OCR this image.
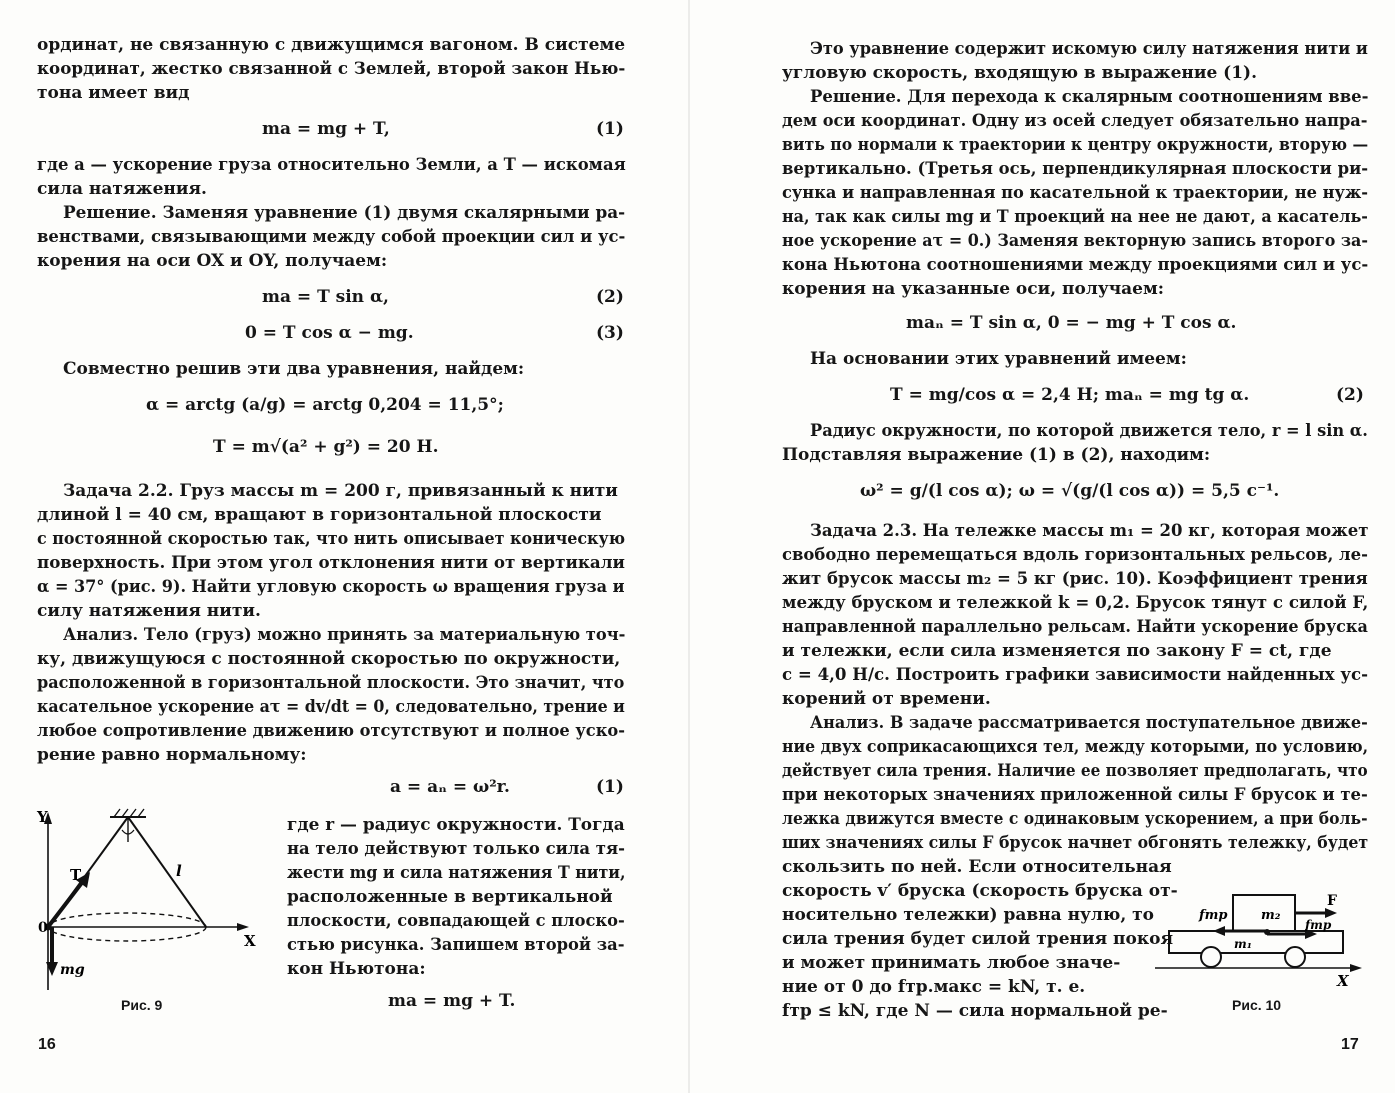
ординат, не связанную с движущимся вагоном. В системе
координат, жестко связанной с Землей, второй закон Нью-
тона имеет вид
ma = mg + T,	(1)
где a — ускорение груза относительно Земли, а T — искомая
сила натяжения.
Решение. Заменяя уравнение (1) двумя скалярными ра-
венствами, связывающими между собой проекции сил и ус-
корения на оси OX и OY, получаем:
ma = T sin α,	(2)
0 = T cos α − mg.	(3)
Совместно решив эти два уравнения, найдем:
α = arctg (a/g) = arctg 0,204 = 11,5°;
T = m√(a² + g²) = 20 Н.
Задача 2.2. Груз массы m = 200 г, привязанный к нити
длиной l = 40 см, вращают в горизонтальной плоскости
с постоянной скоростью так, что нить описывает коническую
поверхность. При этом угол отклонения нити от вертикали
α = 37° (рис. 9). Найти угловую скорость ω вращения груза и
силу натяжения нити.
Анализ. Тело (груз) можно принять за материальную точ-
ку, движущуюся с постоянной скоростью по окружности,
расположенной в горизонтальной плоскости. Это значит, что
касательное ускорение aτ = dv/dt = 0, следовательно, трение и
любое сопротивление движению отсутствуют и полное уско-
рение равно нормальному:
a = aₙ = ω²r.	(1)
где r — радиус окружности. Тогда
на тело действуют только сила тя-
жести mg и сила натяжения T нити,
расположенные в вертикальной
плоскости, совпадающей с плоско-
стью рисунка. Запишем второй за-
кон Ньютона:
ma = mg + T.
Y
X
0
T	l
mg
Рис. 9
16
Это уравнение содержит искомую силу натяжения нити и
угловую скорость, входящую в выражение (1).
Решение. Для перехода к скалярным соотношениям вве-
дем оси координат. Одну из осей следует обязательно напра-
вить по нормали к траектории к центру окружности, вторую —
вертикально. (Третья ось, перпендикулярная плоскости ри-
сунка и направленная по касательной к траектории, не нуж-
на, так как силы mg и T проекций на нее не дают, а касатель-
ное ускорение aτ = 0.) Заменяя векторную запись второго за-
кона Ньютона соотношениями между проекциями сил и ус-
корения на указанные оси, получаем:
maₙ = T sin α, 0 = − mg + T cos α.
На основании этих уравнений имеем:
T = mg/cos α = 2,4 Н; maₙ = mg tg α.	(2)
Радиус окружности, по которой движется тело, r = l sin α.
Подставляя выражение (1) в (2), находим:
ω² = g/(l cos α); ω = √(g/(l cos α)) = 5,5 с⁻¹.
Задача 2.3. На тележке массы m₁ = 20 кг, которая может
свободно перемещаться вдоль горизонтальных рельсов, ле-
жит брусок массы m₂ = 5 кг (рис. 10). Коэффициент трения
между бруском и тележкой k = 0,2. Брусок тянут с силой F,
направленной параллельно рельсам. Найти ускорение бруска
и тележки, если сила изменяется по закону F = ct, где
c = 4,0 Н/с. Построить графики зависимости найденных ус-
корений от времени.
Анализ. В задаче рассматривается поступательное движе-
ние двух соприкасающихся тел, между которыми, по условию,
действует сила трения. Наличие ее позволяет предполагать, что
при некоторых значениях приложенной силы F брусок и те-
лежка движутся вместе с одинаковым ускорением, а при боль-
ших значениях силы F брусок начнет обгонять тележку, будет
скользить по ней. Если относительная
скорость v′ бруска (скорость бруска от-
носительно тележки) равна нулю, то
сила трения будет силой трения покоя
и может принимать любое значе-
ние от 0 до fтр.макс = kN, т. е.
fтр ≤ kN, где N — сила нормальной ре-
fтр	m₂
F
m₁
fтр
X
Рис. 10
17
